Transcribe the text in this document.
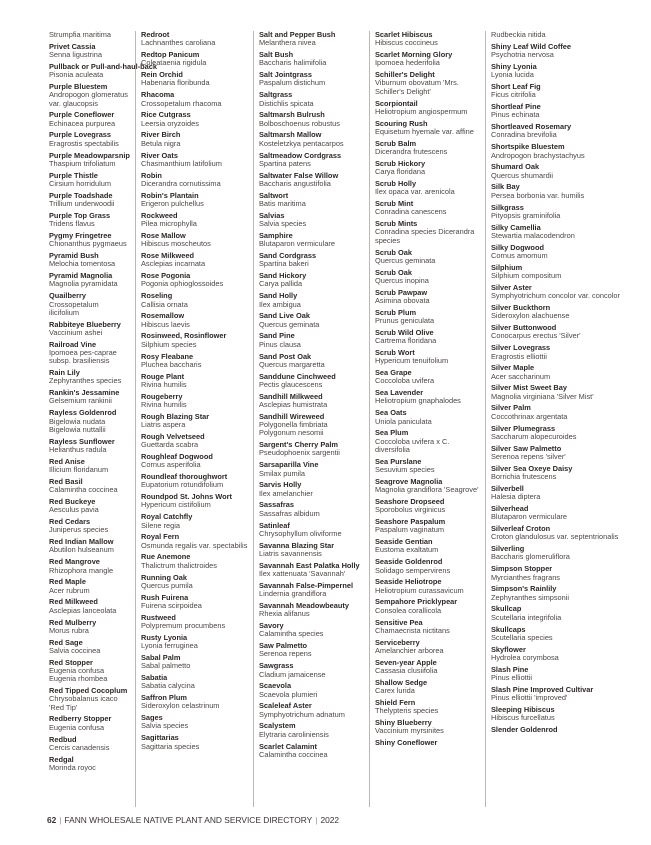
Strumpfia maritima
Privet Cassia
Senna ligustrina
Pullback or Pull-and-haul-back
Pisonia aculeata
Purple Bluestem
Andropogon glomeratus var. glaucopsis
Purple Coneflower
Echinacea purpurea
Purple Lovegrass
Eragrostis spectabilis
Purple Meadowparsnip
Thaspium trifoliatum
Purple Thistle
Cirsium horridulum
Purple Toadshade
Trillium underwoodii
Purple Top Grass
Tridens flavus
Pygmy Fringetree
Chionanthus pygmaeus
Pyramid Bush
Melochia tomentosa
Pyramid Magnolia
Magnolia pyramidata
Quailberry
Crossopetalum ilicifolium
Rabbiteye Blueberry
Vaccinium ashei
Railroad Vine
Ipomoea pes-caprae subsp. brasiliensis
Rain Lily
Zephyranthes species
Rankin's Jessamine
Gelsemium rankinii
Rayless Goldenrod
Bigelowia nudata Bigelowia nuttallii
Rayless Sunflower
Helianthus radula
Red Anise
Illicium floridanum
Red Basil
Calamintha coccinea
Red Buckeye
Aesculus pavia
Red Cedars
Juniperus species
Red Indian Mallow
Abutilon hulseanum
Red Mangrove
Rhizophora mangle
Red Maple
Acer rubrum
Red Milkweed
Asclepias lanceolata
Red Mulberry
Morus rubra
Red Sage
Salvia coccinea
Red Stopper
Eugenia confusa Eugenia rhombea
Red Tipped Cocoplum
Chrysobalanus icaco 'Red Tip'
Redberry Stopper
Eugenia confusa
Redbud
Cercis canadensis
Redgal
Morinda royoc
Redroot
Lachnanthes caroliana
Redtop Panicum
Coleataenia rigidula
Rein Orchid
Habenaria floribunda
Rhacoma
Crossopetalum rhacoma
Rice Cutgrass
Leersia oryzoides
River Birch
Betula nigra
River Oats
Chasmanthium latifolium
Robin
Dicerandra cornutissima
Robin's Plantain
Erigeron pulchellus
Rockweed
Pilea microphylla
Rose Mallow
Hibiscus moscheutos
Rose Milkweed
Asclepias incarnata
Rose Pogonia
Pogonia ophioglossoides
Roseling
Callisia ornata
Rosemallow
Hibiscus laevis
Rosinweed, Rosinflower
Silphium species
Rosy Fleabane
Pluchea baccharis
Rouge Plant
Rivina humilis
Rougeberry
Rivina humilis
Rough Blazing Star
Liatris aspera
Rough Velvetseed
Guettarda scabra
Roughleaf Dogwood
Cornus asperifolia
Roundleaf thoroughwort
Eupatorium rotundifolium
Roundpod St. Johns Wort
Hypericum cistifolium
Royal Catchfly
Silene regia
Royal Fern
Osmunda regalis var. spectabilis
Rue Anemone
Thalictrum thalictroides
Running Oak
Quercus pumila
Rush Fuirena
Fuirena scirpoidea
Rustweed
Polypremum procumbens
Rusty Lyonia
Lyonia ferruginea
Sabal Palm
Sabal palmetto
Sabatia
Sabatia calycina
Saffron Plum
Sideroxylon celastrinum
Sages
Salvia species
Sagittarias
Sagittaria species
Salt and Pepper Bush
Melanthera nivea
Salt Bush
Baccharis halimifolia
Salt Jointgrass
Paspalum distichum
Saltgrass
Distichlis spicata
Saltmarsh Bulrush
Bolboschoenus robustus
Saltmarsh Mallow
Kosteletzkya pentacarpos
Saltmeadow Cordgrass
Spartina patens
Saltwater False Willow
Baccharis angustifolia
Saltwort
Batis maritima
Salvias
Salvia species
Samphire
Blutaparon vermiculare
Sand Cordgrass
Spartina bakeri
Sand Hickory
Carya pallida
Sand Holly
Ilex ambigua
Sand Live Oak
Quercus geminata
Sand Pine
Pinus clausa
Sand Post Oak
Quercus margaretta
Sanddune Cinchweed
Pectis glaucescens
Sandhill Milkweed
Asclepias humistrata
Sandhill Wireweed
Polygonella fimbriata Polygonum nesomii
Sargent's Cherry Palm
Pseudophoenix sargentii
Sarsaparilla Vine
Smilax pumila
Sarvis Holly
Ilex amelanchier
Sassafras
Sassafras albidum
Satinleaf
Chrysophyllum oliviforme
Savanna Blazing Star
Liatris savannensis
Savannah East Palatka Holly
Ilex xattenuata 'Savannah'
Savannah False-Pimpernel
Lindernia grandiflora
Savannah Meadowbeauty
Rhexia alifanus
Savory
Calamintha species
Saw Palmetto
Serenoa repens
Sawgrass
Cladium jamaicense
Scaevola
Scaevola plumieri
Scaleleaf Aster
Symphyotrichum adnatum
Scalystem
Elytraria caroliniensis
Scarlet Calamint
Calamintha coccinea
Scarlet Hibiscus
Hibiscus coccineus
Scarlet Morning Glory
Ipomoea hederifolia
Schiller's Delight
Viburnum obovatum 'Mrs. Schiller's Delight'
Scorpiontail
Heliotropium angiospermum
Scouring Rush
Equisetum hyemale var. affine
Scrub Balm
Dicerandra frutescens
Scrub Hickory
Carya floridana
Scrub Holly
Ilex opaca var. arenicola
Scrub Mint
Conradina canescens
Scrub Mints
Conradina species Dicerandra species
Scrub Oak
Quercus geminata
Scrub Oak
Quercus inopina
Scrub Pawpaw
Asimina obovata
Scrub Plum
Prunus geniculata
Scrub Wild Olive
Cartrema floridana
Scrub Wort
Hypericum tenuifolium
Sea Grape
Coccoloba uvifera
Sea Lavender
Heliotropium gnaphalodes
Sea Oats
Uniola paniculata
Sea Plum
Coccoloba uvifera x C. diversifolia
Sea Purslane
Sesuvium species
Seagrove Magnolia
Magnolia grandiflora 'Seagrove'
Seashore Dropseed
Sporobolus virginicus
Seashore Paspalum
Paspalum vaginatum
Seaside Gentian
Eustoma exaltatum
Seaside Goldenrod
Solidago sempervirens
Seaside Heliotrope
Heliotropium curassavicum
Sempahore Pricklypear
Consolea corallicola
Sensitive Pea
Chamaecrista nictitans
Serviceberry
Amelanchier arborea
Seven-year Apple
Cassasia clusiifolia
Shallow Sedge
Carex lurida
Shield Fern
Thelypteris species
Shiny Blueberry
Vaccinium myrsinites
Shiny Coneflower
Rudbeckia nitida
Shiny Leaf Wild Coffee
Psychotria nervosa
Shiny Lyonia
Lyonia lucida
Short Leaf Fig
Ficus citrifolia
Shortleaf Pine
Pinus echinata
Shortleaved Rosemary
Conradina brevifolia
Shortspike Bluestem
Andropogon brachystachyus
Shumard Oak
Quercus shumardii
Silk Bay
Persea borbonia var. humilis
Silkgrass
Pityopsis graminifolia
Silky Camellia
Stewartia malacodendron
Silky Dogwood
Cornus amomum
Silphium
Silphium compositum
Silver Aster
Symphyotrichum concolor var. concolor
Silver Buckthorn
Sideroxylon alachuense
Silver Buttonwood
Conocarpus erectus 'Silver'
Silver Lovegrass
Eragrostis elliottii
Silver Maple
Acer saccharinum
Silver Mist Sweet Bay
Magnolia virginiana 'Silver Mist'
Silver Palm
Coccothrinax argentata
Silver Plumegrass
Saccharum alopecuroides
Silver Saw Palmetto
Serenoa repens 'silver'
Silver Sea Oxeye Daisy
Borrichia frutescens
Silverbell
Halesia diptera
Silverhead
Blutaparon vermiculare
Silverleaf Croton
Croton glandulosus var. septentrionalis
Silverling
Baccharis glomeruliflora
Simpson Stopper
Myrcianthes fragrans
Simpson's Rainlily
Zephyranthes simpsonii
Skullcap
Scutellaria integrifolia
Skullcaps
Scutellaria species
Skyflower
Hydrolea corymbosa
Slash Pine
Pinus elliottii
Slash Pine Improved Cultivar
Pinus elliottii 'improved'
Sleeping Hibiscus
Hibiscus furcellatus
Slender Goldenrod
62 | FANN WHOLESALE NATIVE PLANT AND SERVICE DIRECTORY | 2022
